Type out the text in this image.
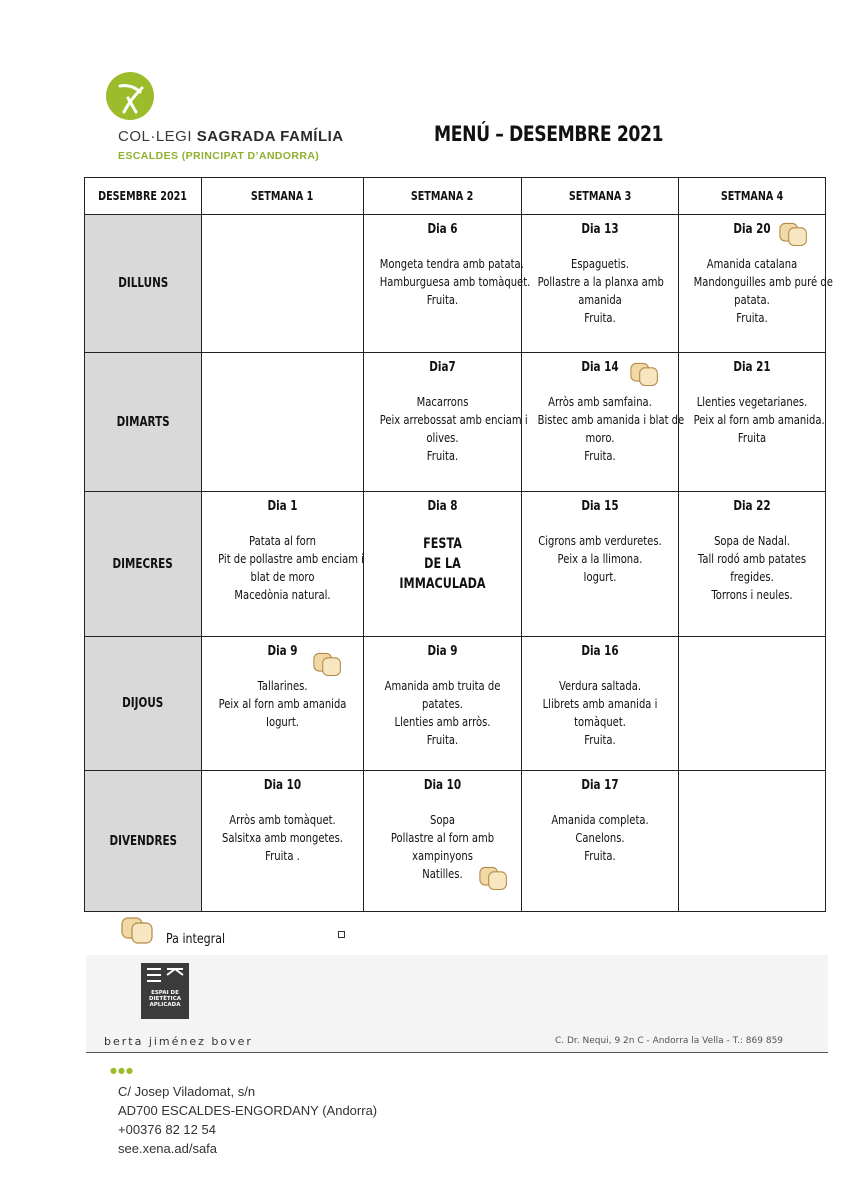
COL·LEGI SAGRADA FAMÍLIA
ESCALDES (PRINCIPAT D’ANDORRA)
MENÚ – DESEMBRE 2021
DESEMBRE 2021	SETMANA 1	SETMANA 2	SETMANA 3	SETMANA 4
DILLUNS		Dia 6
Mongeta tendra amb patata.
Hamburguesa amb tomàquet.
Fruita.	Dia 13
Espaguetis.
Pollastre a la planxa amb
amanida
Fruita.	Dia 20
Amanida catalana
Mandonguilles amb puré de
patata.
Fruita.

DIMARTS		Dia7
Macarrons
Peix arrebossat amb enciam i
olives.
Fruita.	Dia 14
Arròs amb samfaina.
Bistec amb amanida i blat de
moro.
Fruita.	Dia 21
Llenties vegetarianes.
Peix al forn amb amanida.
Fruita

DIMECRES	Dia 1
Patata al forn
Pit de pollastre amb enciam i
blat de moro
Macedònia natural.	Dia 8
FESTA
DE LA
IMMACULADA	Dia 15
Cigrons amb verduretes.
Peix a la llimona.
Iogurt.	Dia 22
Sopa de Nadal.
Tall rodó amb patates
fregides.
Torrons i neules.

DIJOUS	Dia 9
Tallarines.
Peix al forn amb amanida
Iogurt.	Dia 9
Amanida amb truita de
patates.
Llenties amb arròs.
Fruita.	Dia 16
Verdura saltada.
Llibrets amb amanida i
tomàquet.
Fruita.	

DIVENDRES	Dia 10
Arròs amb tomàquet.
Salsitxa amb mongetes.
Fruita .	Dia 10
Sopa
Pollastre al forn amb
xampinyons
Natilles.	Dia 17
Amanida completa.
Canelons.
Fruita.	

Pa integral
ESPAI DE DIETÈTICA APLICADA
berta jiménez bover	C. Dr. Nequi, 9 2n C - Andorra la Vella - T.: 869 859
●●●
C/ Josep Viladomat, s/n
AD700 ESCALDES-ENGORDANY (Andorra)
+00376 82 12 54
see.xena.ad/safa
